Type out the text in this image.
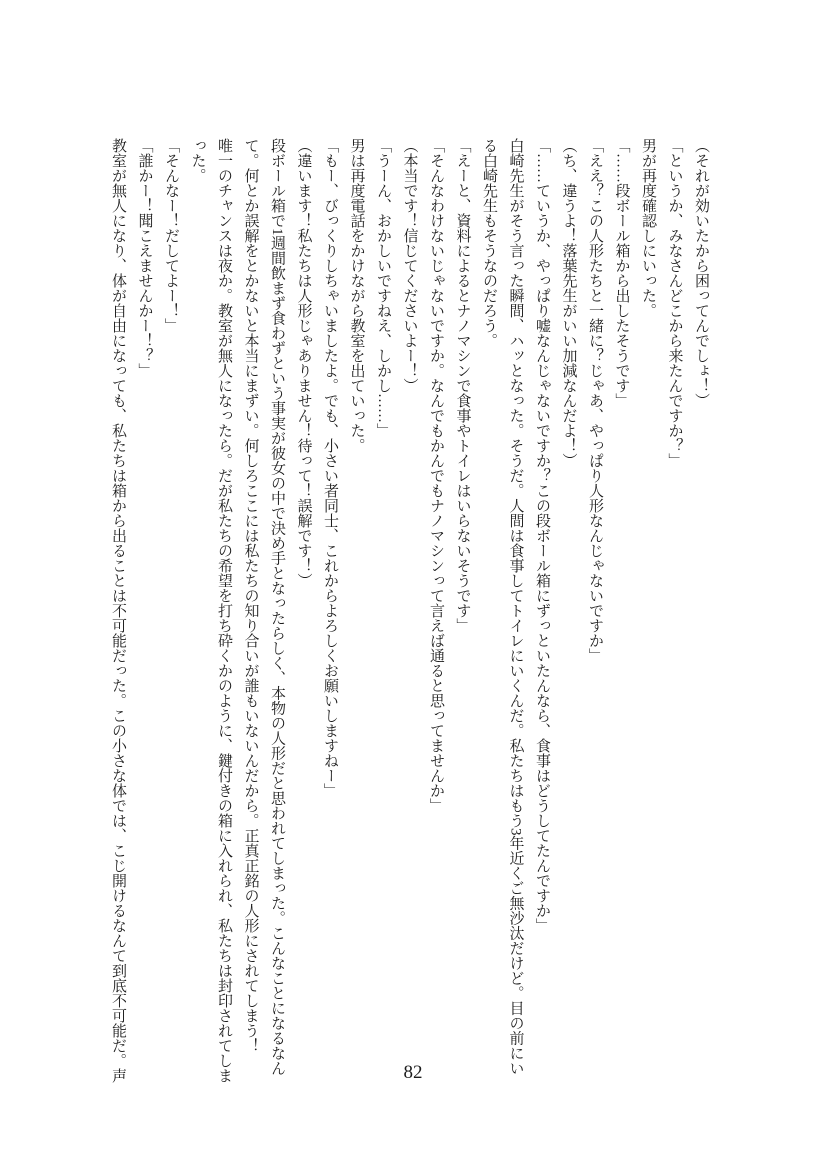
（それが効いたから困ってんでしょ！）

「というか、みなさんどこから来たんですか？」

男が再度確認しにいった。

「……段ボール箱から出したそうです」

「ええ？この人形たちと一緒に？じゃあ、やっぱり人形なんじゃないですか」

（ち、違うよ！落葉先生がいい加減なんだよ！）

「……ていうか、やっぱり嘘なんじゃないですか？この段ボール箱にずっといたんなら、食事はどうしてたんですか」

白崎先生がそう言った瞬間、ハッとなった。そうだ。人間は食事してトイレにいくんだ。私たちはもう3年近くご無沙汰だけど。目の前にい

る白崎先生もそうなのだろう。

「えーと、資料によるとナノマシンで食事やトイレはいらないそうです」

「そんなわけないじゃないですか。なんでもかんでもナノマシンって言えば通ると思ってませんか」

（本当です！信じてくださいよー！）

「うーん、おかしいですねえ、しかし……」

男は再度電話をかけながら教室を出ていった。

「もー、びっくりしちゃいましたよ。でも、小さい者同士、これからよろしくお願いしますねー」

（違います！私たちは人形じゃありません！待って！誤解です！）

段ボール箱で1週間飲まず食わずという事実が彼女の中で決め手となったらしく、本物の人形だと思われてしまった。こんなことになるなん

て。何とか誤解をとかないと本当にまずい。何しろここには私たちの知り合いが誰もいないんだから。正真正銘の人形にされてしまう！

唯一のチャンスは夜か。教室が無人になったら。だが私たちの希望を打ち砕くかのように、鍵付きの箱に入れられ、私たちは封印されてしま

った。

「そんなー！だしてよー！」

「誰かー！聞こえませんかー！？」

教室が無人になり、体が自由になっても、私たちは箱から出ることは不可能だった。この小さな体では、こじ開けるなんて到底不可能だ。声	82
